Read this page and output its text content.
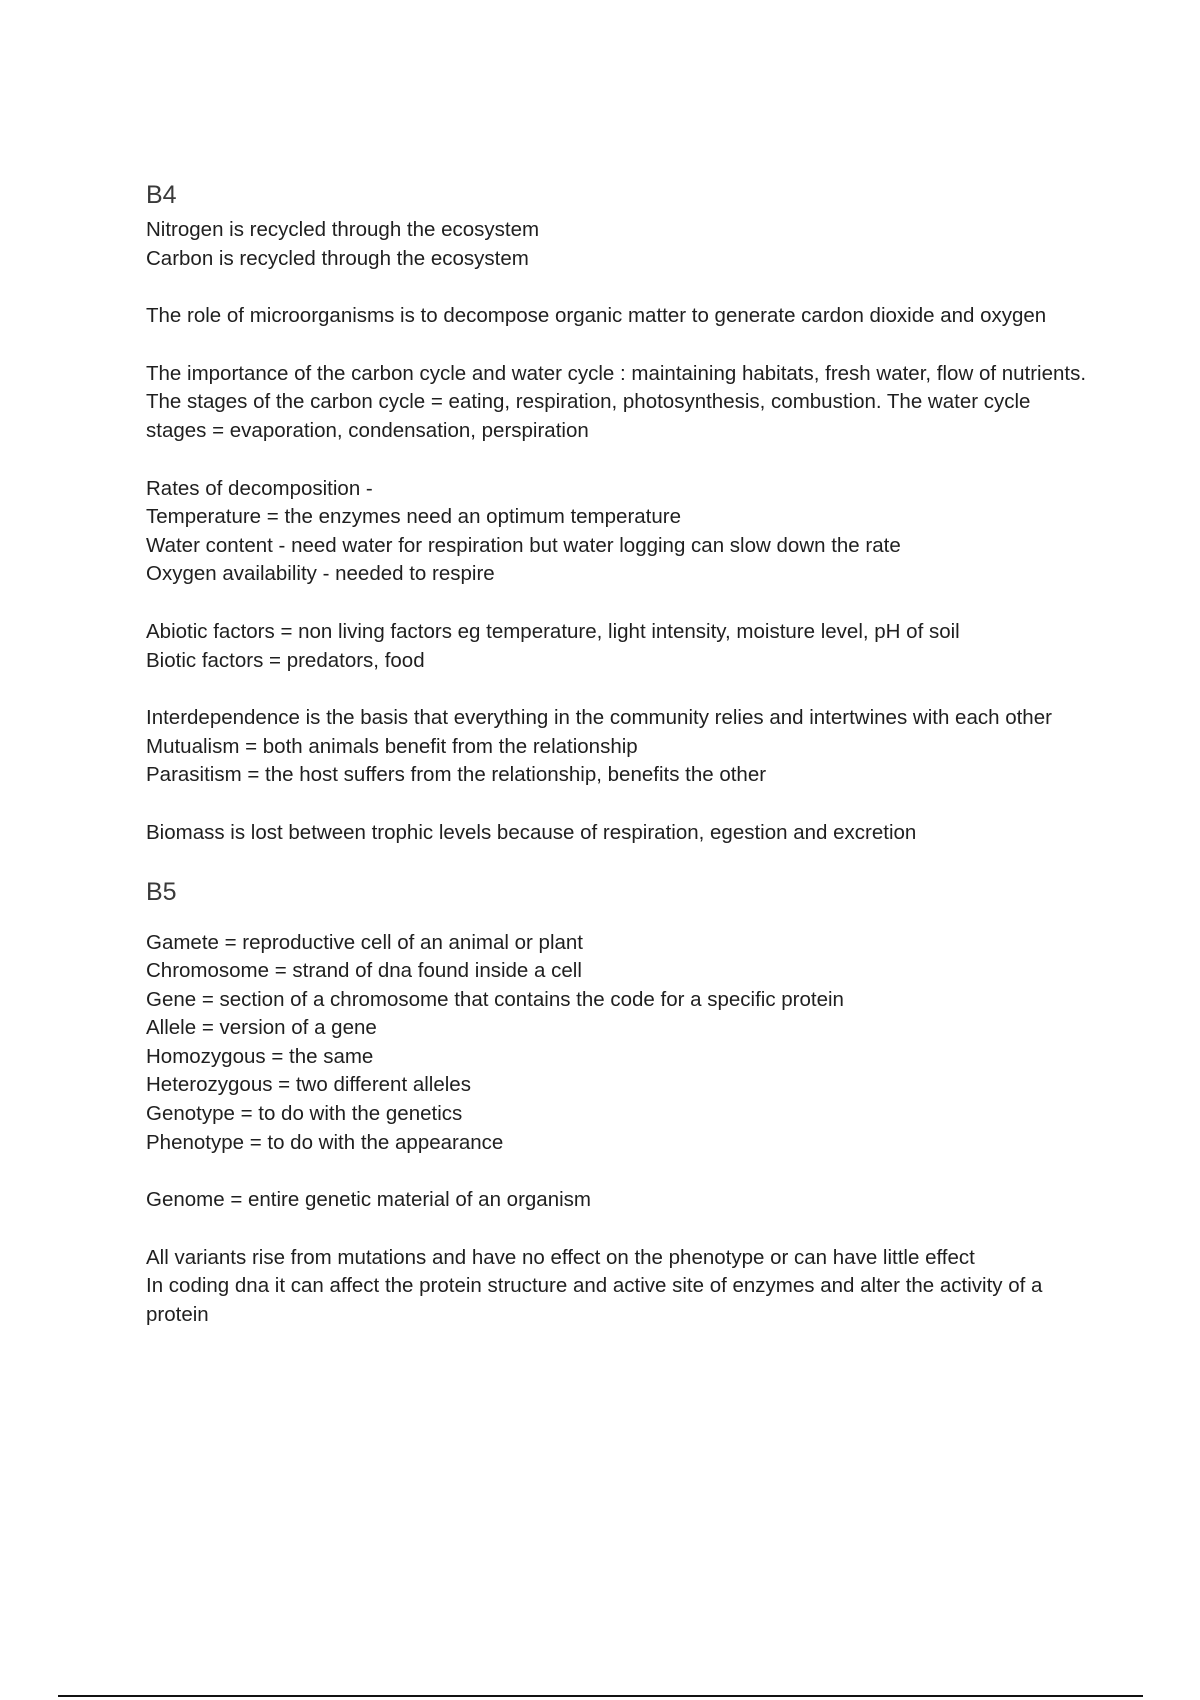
B4
Nitrogen is recycled through the ecosystem
Carbon is recycled through the ecosystem
The role of microorganisms is to decompose organic matter to generate cardon dioxide and oxygen
The importance of the carbon cycle and water cycle : maintaining habitats, fresh water, flow of nutrients. The stages of the carbon cycle = eating, respiration, photosynthesis, combustion. The water cycle stages = evaporation, condensation, perspiration
Rates of decomposition -
Temperature = the enzymes need an optimum temperature
Water content - need water for respiration but water logging can slow down the rate
Oxygen availability - needed to respire
Abiotic factors = non living factors eg temperature, light intensity, moisture level, pH of soil
Biotic factors = predators, food
Interdependence is the basis that everything in the community relies and intertwines with each other
Mutualism = both animals benefit from the relationship
Parasitism = the host suffers from the relationship, benefits the other
Biomass is lost between trophic levels because of respiration, egestion and excretion
B5
Gamete = reproductive cell of an animal or plant
Chromosome = strand of dna found inside a cell
Gene = section of a chromosome that contains the code for a specific protein
Allele = version of a gene
Homozygous = the same
Heterozygous = two different alleles
Genotype = to do with the genetics
Phenotype = to do with the appearance
Genome = entire genetic material of an organism
All variants rise from mutations and have no effect on the phenotype or can have little effect
In coding dna it can affect the protein structure and active site of enzymes and alter the activity of a protein
